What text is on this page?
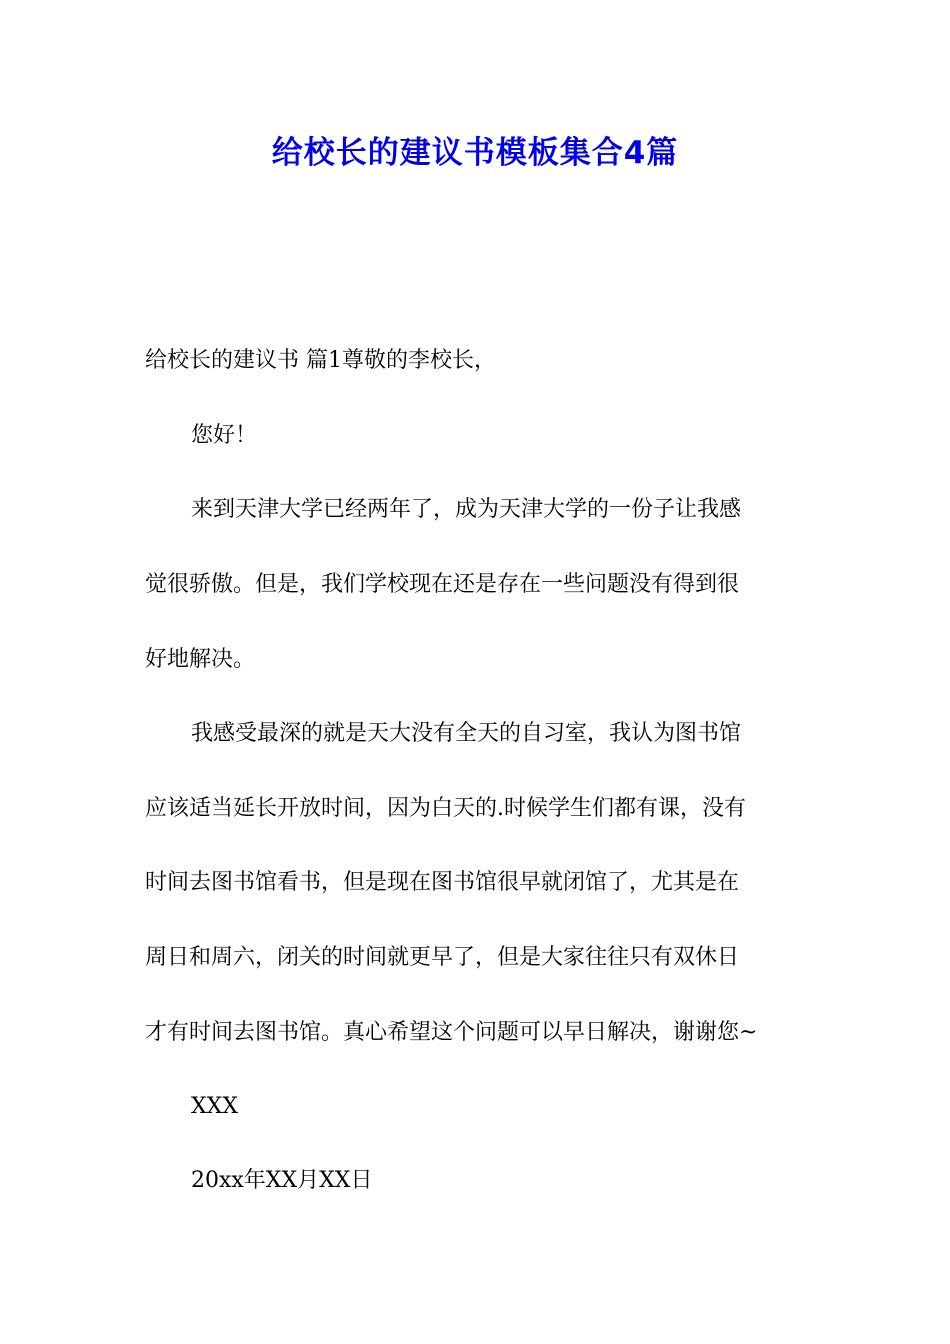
给校长的建议书模板集合4篇
给校长的建议书 篇1尊敬的李校长，
您好！
来到天津大学已经两年了，成为天津大学的一份子让我感
觉很骄傲。但是，我们学校现在还是存在一些问题没有得到很
好地解决。
我感受最深的就是天大没有全天的自习室，我认为图书馆
应该适当延长开放时间，因为白天的.时候学生们都有课，没有
时间去图书馆看书，但是现在图书馆很早就闭馆了，尤其是在
周日和周六，闭关的时间就更早了，但是大家往往只有双休日
才有时间去图书馆。真心希望这个问题可以早日解决，谢谢您~
XXX
20xx年XX月XX日
